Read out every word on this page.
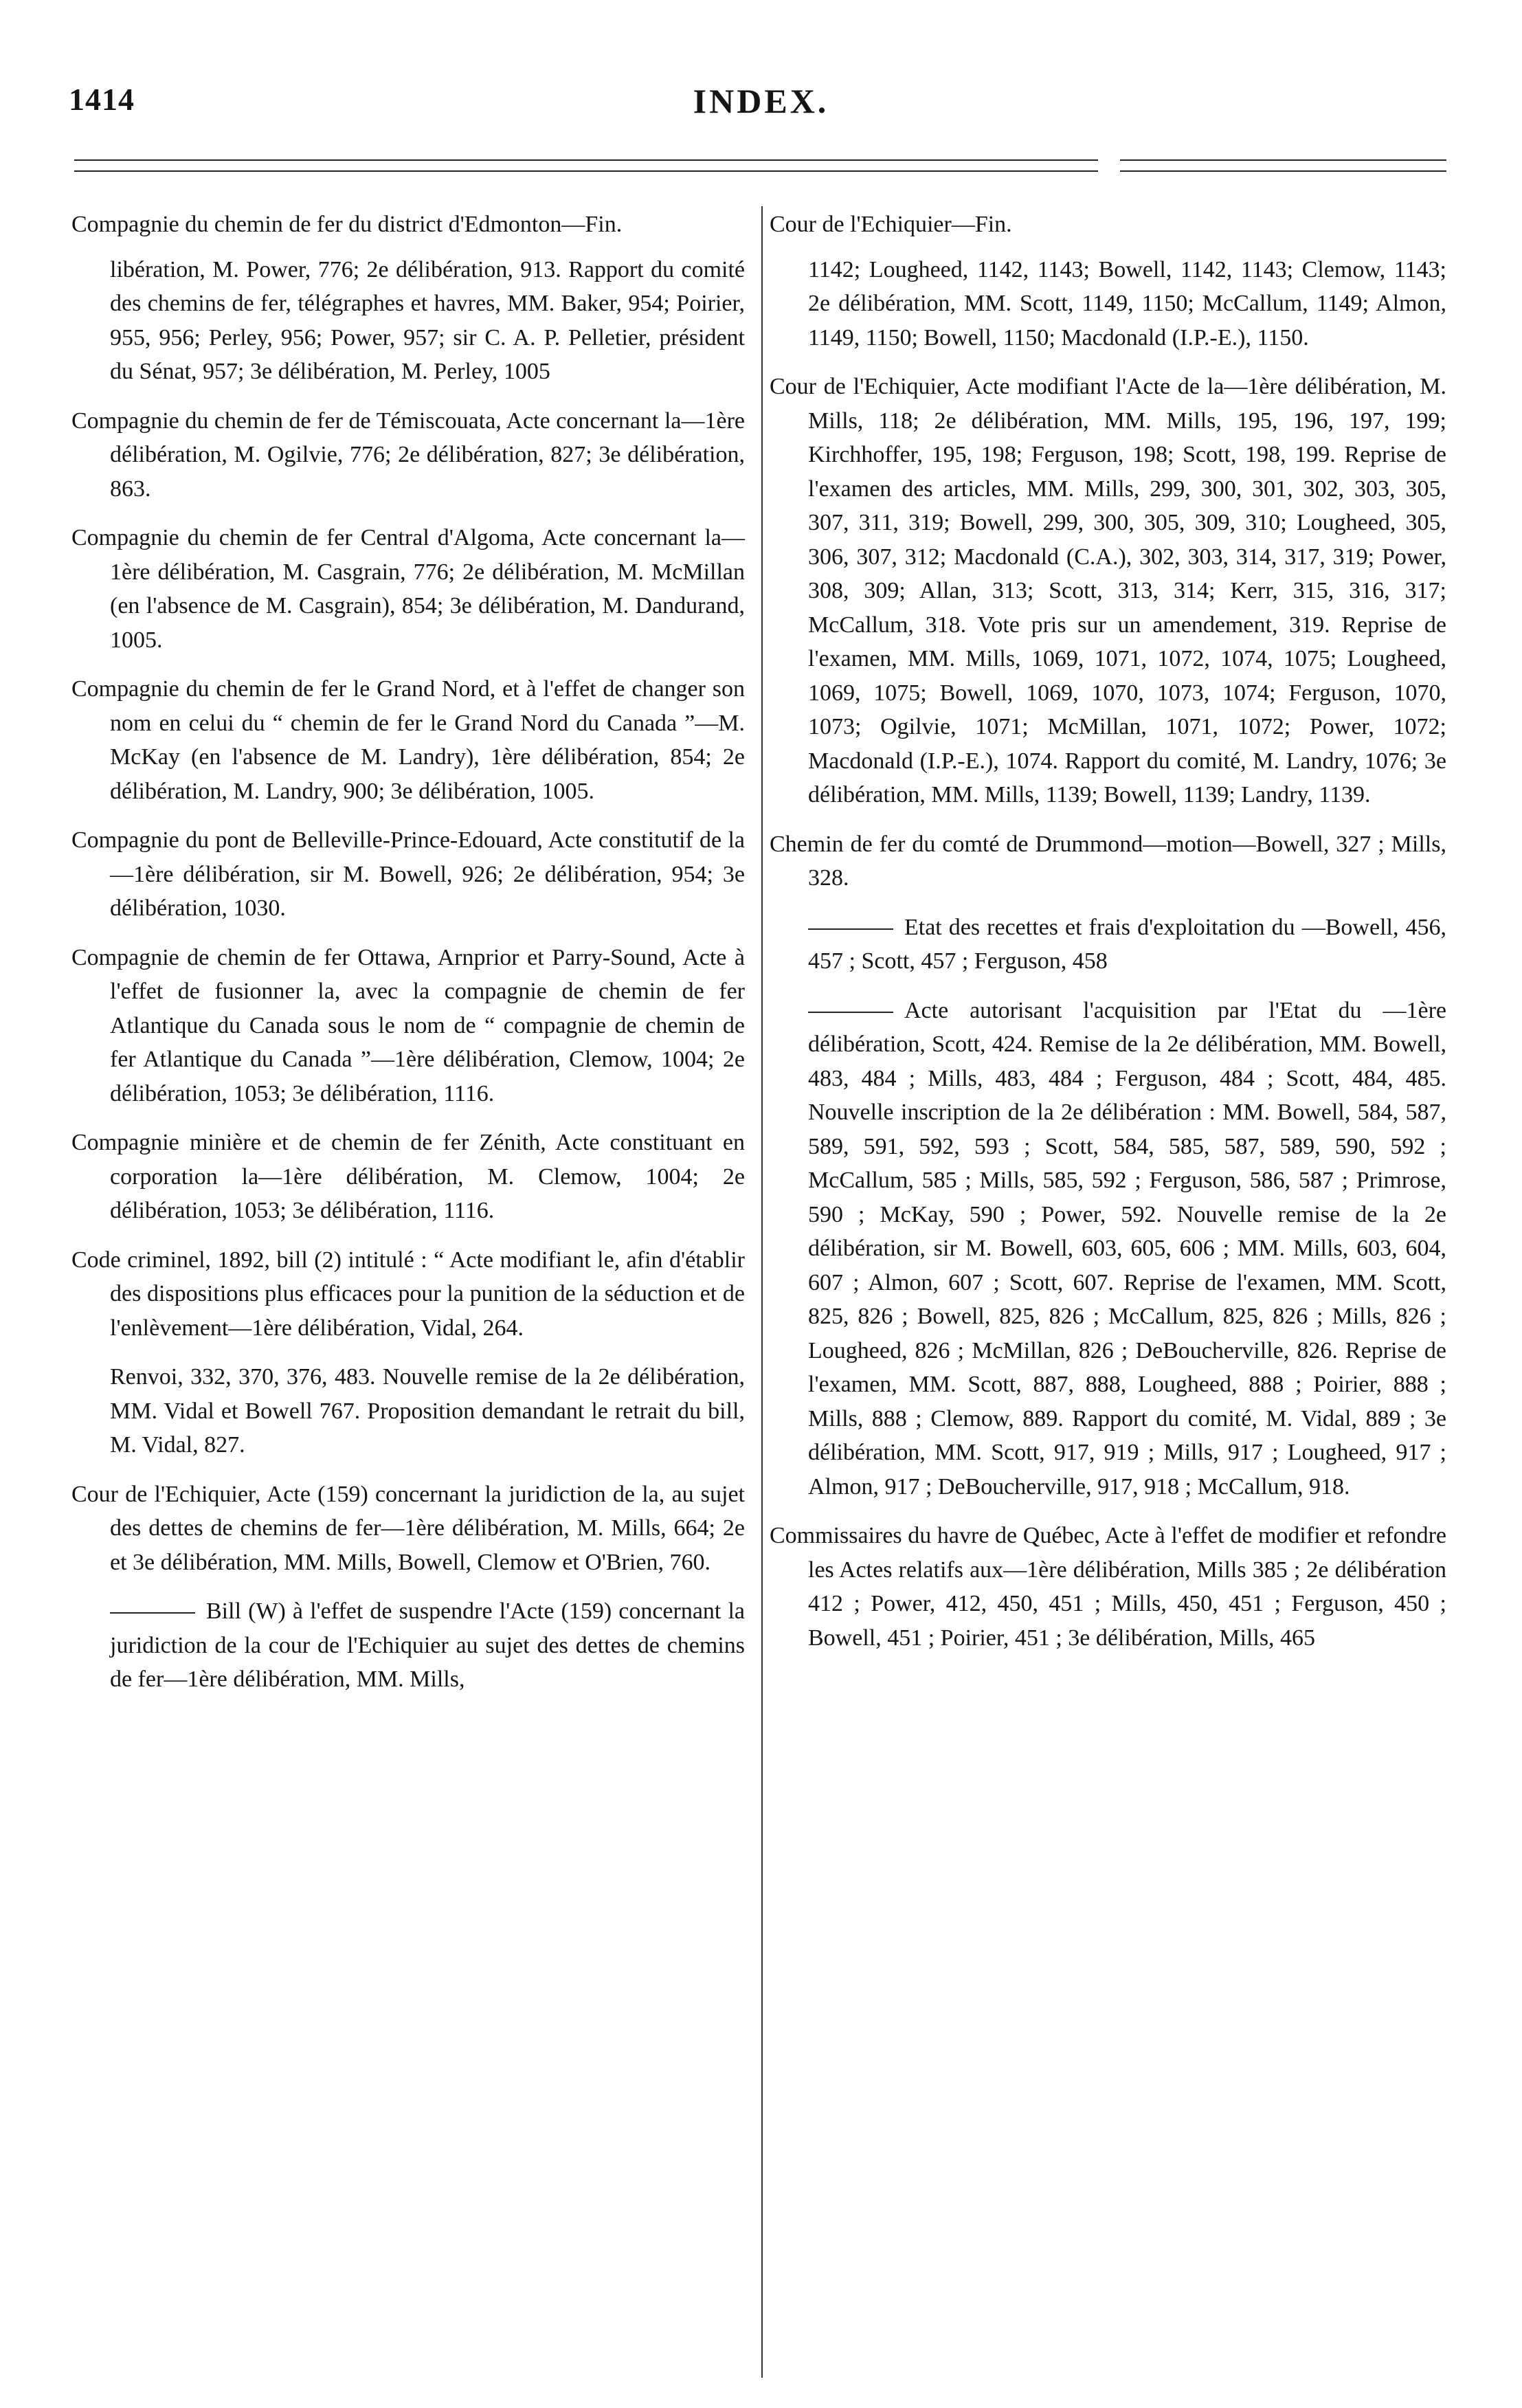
1414	INDEX.

Compagnie du chemin de fer du district d'Edmonton—Fin.

libération, M. Power, 776; 2e délibération, 913. Rapport du comité des chemins de fer, télégraphes et havres, MM. Baker, 954; Poirier, 955, 956; Perley, 956; Power, 957; sir C. A. P. Pelletier, président du Sénat, 957; 3e délibération, M. Perley, 1005

Compagnie du chemin de fer de Témiscouata, Acte concernant la—1ère délibération, M. Ogilvie, 776; 2e délibération, 827; 3e délibération, 863.

Compagnie du chemin de fer Central d'Algoma, Acte concernant la—1ère délibération, M. Casgrain, 776; 2e délibération, M. McMillan (en l'absence de M. Casgrain), 854; 3e délibération, M. Dandurand, 1005.

Compagnie du chemin de fer le Grand Nord, et à l'effet de changer son nom en celui du “ chemin de fer le Grand Nord du Canada ”—M. McKay (en l'absence de M. Landry), 1ère délibération, 854; 2e délibération, M. Landry, 900; 3e délibération, 1005.

Compagnie du pont de Belleville-Prince-Edouard, Acte constitutif de la—1ère délibération, sir M. Bowell, 926; 2e délibération, 954; 3e délibération, 1030.

Compagnie de chemin de fer Ottawa, Arnprior et Parry-Sound, Acte à l'effet de fusionner la, avec la compagnie de chemin de fer Atlantique du Canada sous le nom de “ compagnie de chemin de fer Atlantique du Canada ”—1ère délibération, Clemow, 1004; 2e délibération, 1053; 3e délibération, 1116.

Compagnie minière et de chemin de fer Zénith, Acte constituant en corporation la—1ère délibération, M. Clemow, 1004; 2e délibération, 1053; 3e délibération, 1116.

Code criminel, 1892, bill (2) intitulé : “ Acte modifiant le, afin d'établir des dispositions plus efficaces pour la punition de la séduction et de l'enlèvement—1ère délibération, Vidal, 264.

Renvoi, 332, 370, 376, 483. Nouvelle remise de la 2e délibération, MM. Vidal et Bowell 767. Proposition demandant le retrait du bill, M. Vidal, 827.

Cour de l'Echiquier, Acte (159) concernant la juridiction de la, au sujet des dettes de chemins de fer—1ère délibération, M. Mills, 664; 2e et 3e délibération, MM. Mills, Bowell, Clemow et O'Brien, 760.

Bill (W) à l'effet de suspendre l'Acte (159) concernant la juridiction de la cour de l'Echiquier au sujet des dettes de chemins de fer—1ère délibération, MM. Mills,

Cour de l'Echiquier—Fin.

1142; Lougheed, 1142, 1143; Bowell, 1142, 1143; Clemow, 1143; 2e délibération, MM. Scott, 1149, 1150; McCallum, 1149; Almon, 1149, 1150; Bowell, 1150; Macdonald (I.P.-E.), 1150.

Cour de l'Echiquier, Acte modifiant l'Acte de la—1ère délibération, M. Mills, 118; 2e délibération, MM. Mills, 195, 196, 197, 199; Kirchhoffer, 195, 198; Ferguson, 198; Scott, 198, 199. Reprise de l'examen des articles, MM. Mills, 299, 300, 301, 302, 303, 305, 307, 311, 319; Bowell, 299, 300, 305, 309, 310; Lougheed, 305, 306, 307, 312; Macdonald (C.A.), 302, 303, 314, 317, 319; Power, 308, 309; Allan, 313; Scott, 313, 314; Kerr, 315, 316, 317; McCallum, 318. Vote pris sur un amendement, 319. Reprise de l'examen, MM. Mills, 1069, 1071, 1072, 1074, 1075; Lougheed, 1069, 1075; Bowell, 1069, 1070, 1073, 1074; Ferguson, 1070, 1073; Ogilvie, 1071; McMillan, 1071, 1072; Power, 1072; Macdonald (I.P.-E.), 1074. Rapport du comité, M. Landry, 1076; 3e délibération, MM. Mills, 1139; Bowell, 1139; Landry, 1139.

Chemin de fer du comté de Drummond—motion—Bowell, 327 ; Mills, 328.

Etat des recettes et frais d'exploitation du —Bowell, 456, 457 ; Scott, 457 ; Ferguson, 458

Acte autorisant l'acquisition par l'Etat du —1ère délibération, Scott, 424. Remise de la 2e délibération, MM. Bowell, 483, 484 ; Mills, 483, 484 ; Ferguson, 484 ; Scott, 484, 485. Nouvelle inscription de la 2e délibération : MM. Bowell, 584, 587, 589, 591, 592, 593 ; Scott, 584, 585, 587, 589, 590, 592 ; McCallum, 585 ; Mills, 585, 592 ; Ferguson, 586, 587 ; Primrose, 590 ; McKay, 590 ; Power, 592. Nouvelle remise de la 2e délibération, sir M. Bowell, 603, 605, 606 ; MM. Mills, 603, 604, 607 ; Almon, 607 ; Scott, 607. Reprise de l'examen, MM. Scott, 825, 826 ; Bowell, 825, 826 ; McCallum, 825, 826 ; Mills, 826 ; Lougheed, 826 ; McMillan, 826 ; DeBoucherville, 826. Reprise de l'examen, MM. Scott, 887, 888, Lougheed, 888 ; Poirier, 888 ; Mills, 888 ; Clemow, 889. Rapport du comité, M. Vidal, 889 ; 3e délibération, MM. Scott, 917, 919 ; Mills, 917 ; Lougheed, 917 ; Almon, 917 ; DeBoucherville, 917, 918 ; McCallum, 918.

Commissaires du havre de Québec, Acte à l'effet de modifier et refondre les Actes relatifs aux—1ère délibération, Mills 385 ; 2e délibération 412 ; Power, 412, 450, 451 ; Mills, 450, 451 ; Ferguson, 450 ; Bowell, 451 ; Poirier, 451 ; 3e délibération, Mills, 465
